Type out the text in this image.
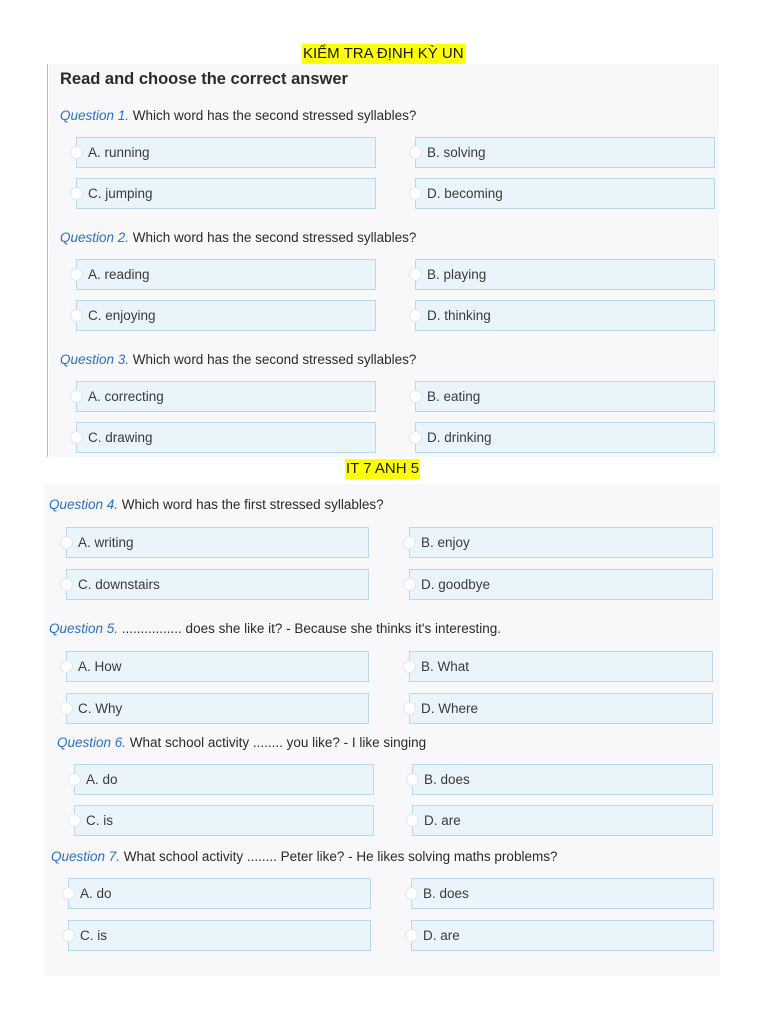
KIỂM TRA ĐỊNH KỲ UN
Read and choose the correct answer
IT 7 ANH 5
Question 1. Which word has the second stressed syllables?
A. running	B. solving
C. jumping	D. becoming
Question 2. Which word has the second stressed syllables?
A. reading	B. playing
C. enjoying	D. thinking
Question 3. Which word has the second stressed syllables?
A. correcting	B. eating
C. drawing	D. drinking
Question 4. Which word has the first stressed syllables?
A. writing	B. enjoy
C. downstairs	D. goodbye
Question 5. ................ does she like it? - Because she thinks it's interesting.
A. How	B. What
C. Why	D. Where
Question 6. What school activity ........ you like? - I like singing
A. do	B. does
C. is	D. are
Question 7. What school activity ........ Peter like? - He likes solving maths problems?
A. do	B. does
C. is	D. are
